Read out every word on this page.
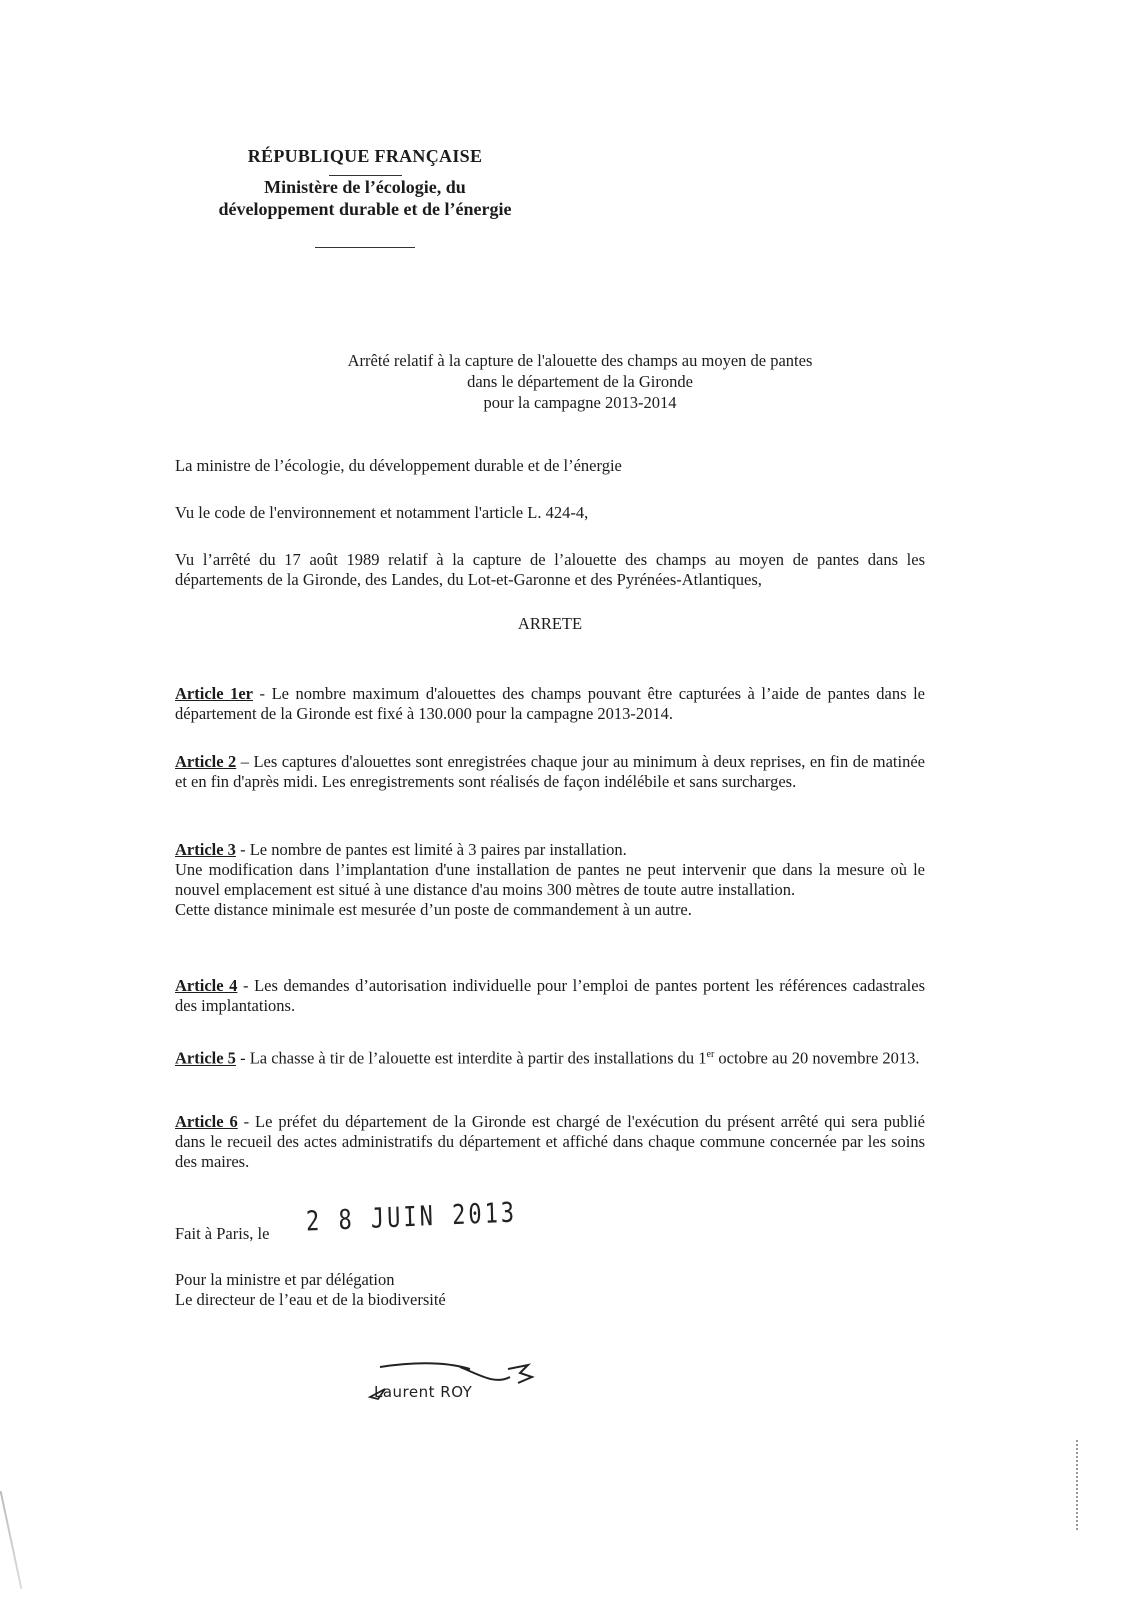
RÉPUBLIQUE FRANÇAISE
Ministère de l’écologie, du
développement durable et de l’énergie
Arrêté relatif à la capture de l'alouette des champs au moyen de pantes
dans le département de la Gironde
pour la campagne 2013-2014
La ministre de l’écologie, du développement durable et de l’énergie
Vu le code de l'environnement et notamment l'article L. 424-4,
Vu l’arrêté du 17 août 1989 relatif à la capture de l’alouette des champs au moyen de pantes dans les départements de la Gironde, des Landes, du Lot-et-Garonne et des Pyrénées-Atlantiques,
ARRETE
Article 1er - Le nombre maximum d'alouettes des champs pouvant être capturées à l’aide de pantes dans le département de la Gironde est fixé à 130.000 pour la campagne 2013-2014.
Article 2 – Les captures d'alouettes sont enregistrées chaque jour au minimum à deux reprises, en fin de matinée et en fin d'après midi. Les enregistrements sont réalisés de façon indélébile et sans surcharges.
Article 3 - Le nombre de pantes est limité à 3 paires par installation.
Une modification dans l’implantation d'une installation de pantes ne peut intervenir que dans la mesure où le nouvel emplacement est situé à une distance d'au moins 300 mètres de toute autre installation.
Cette distance minimale est mesurée d’un poste de commandement à un autre.
Article 4 - Les demandes d’autorisation individuelle pour l’emploi de pantes portent les références cadastrales des implantations.
Article 5 - La chasse à tir de l’alouette est interdite à partir des installations du 1er octobre au 20 novembre 2013.
Article 6 - Le préfet du département de la Gironde est chargé de l'exécution du présent arrêté qui sera publié dans le recueil des actes administratifs du département et affiché dans chaque commune concernée par les soins des maires.
Fait à Paris, le 2 8 JUIN 2013
Pour la ministre et par délégation
Le directeur de l’eau et de la biodiversité
Laurent ROY
